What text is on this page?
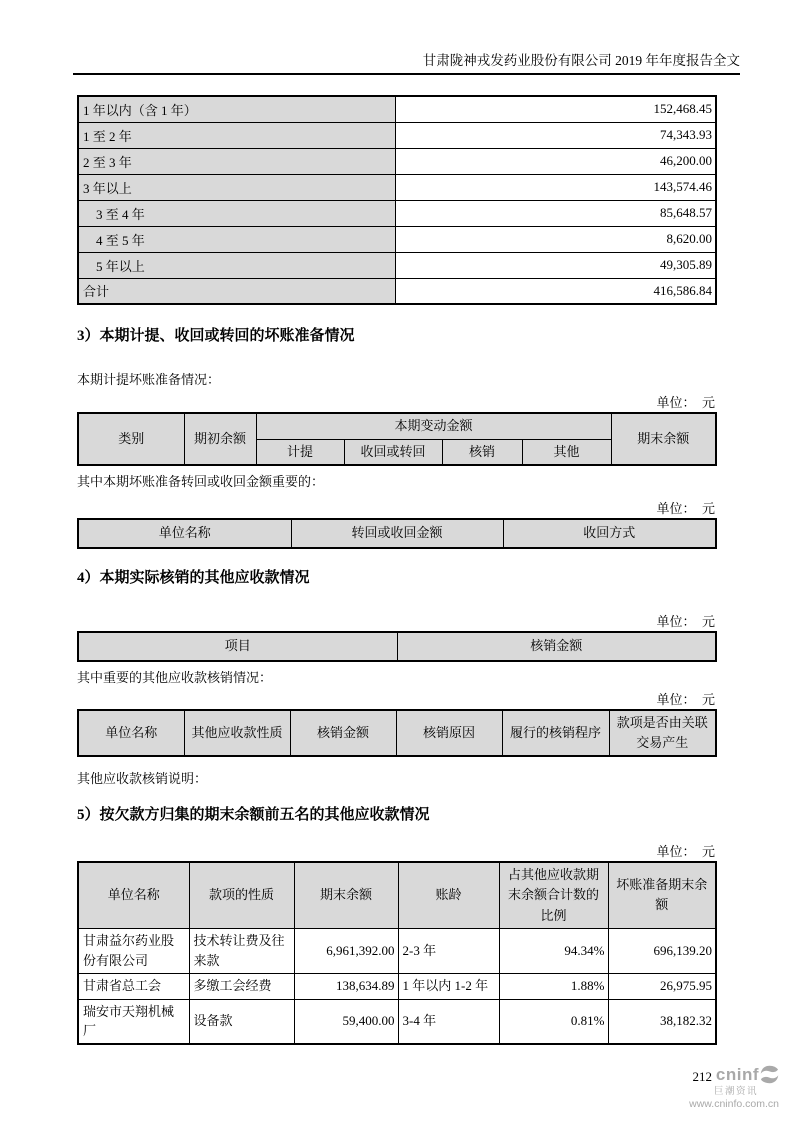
甘肃陇神戎发药业股份有限公司 2019 年年度报告全文
1 年以内（含 1 年）	152,468.45
1 至 2 年	74,343.93
2 至 3 年	46,200.00
3 年以上	143,574.46
3 至 4 年	85,648.57
4 至 5 年	8,620.00
5 年以上	49,305.89
合计	416,586.84
3）本期计提、收回或转回的坏账准备情况

本期计提坏账准备情况：

单位：　元

类别	期初余额	本期变动金额				期末余额
		计提	收回或转回	核销	其他	

其中本期坏账准备转回或收回金额重要的：

单位：　元

单位名称	转回或收回金额	收回方式
4）本期实际核销的其他应收款情况

单位：　元

项目	核销金额

其中重要的其他应收款核销情况：

单位：　元

单位名称	其他应收款性质	核销金额	核销原因	履行的核销程序	款项是否由关联交易产生

其他应收款核销说明：

5）按欠款方归集的期末余额前五名的其他应收款情况

单位：　元

单位名称	款项的性质	期末余额	账龄	占其他应收款期末余额合计数的比例	坏账准备期末余额
甘肃益尔药业股份有限公司	技术转让费及往来款	6,961,392.00	2-3 年	94.34%	696,139.20
甘肃省总工会	多缴工会经费	138,634.89	1 年以内 1-2 年	1.88%	26,975.95
瑞安市天翔机械厂	设备款	59,400.00	3-4 年	0.81%	38,182.32

212 cninf
巨潮资讯
www.cninfo.com.cn
